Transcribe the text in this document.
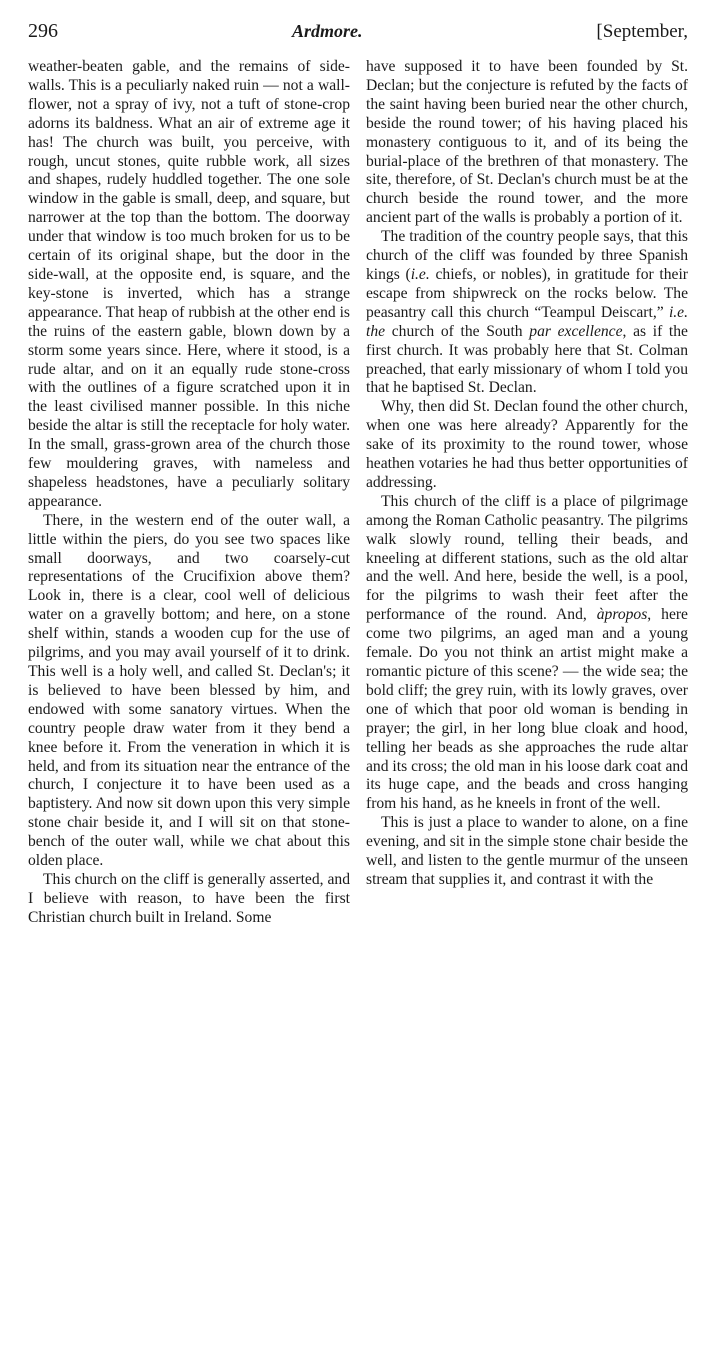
296	Ardmore.	[September,

weather-beaten gable, and the remains of side-walls. This is a peculiarly naked ruin — not a wall-flower, not a spray of ivy, not a tuft of stone-crop adorns its baldness. What an air of extreme age it has! The church was built, you perceive, with rough, uncut stones, quite rubble work, all sizes and shapes, rudely huddled together. The one sole window in the gable is small, deep, and square, but narrower at the top than the bottom. The doorway under that window is too much broken for us to be certain of its original shape, but the door in the side-wall, at the opposite end, is square, and the key-stone is inverted, which has a strange appearance. That heap of rubbish at the other end is the ruins of the eastern gable, blown down by a storm some years since. Here, where it stood, is a rude altar, and on it an equally rude stone-cross with the outlines of a figure scratched upon it in the least civilised manner possible. In this niche beside the altar is still the receptacle for holy water. In the small, grass-grown area of the church those few mouldering graves, with nameless and shapeless headstones, have a peculiarly solitary appearance.

There, in the western end of the outer wall, a little within the piers, do you see two spaces like small doorways, and two coarsely-cut representations of the Crucifixion above them? Look in, there is a clear, cool well of delicious water on a gravelly bottom; and here, on a stone shelf within, stands a wooden cup for the use of pilgrims, and you may avail yourself of it to drink. This well is a holy well, and called St. Declan's; it is believed to have been blessed by him, and endowed with some sanatory virtues. When the country people draw water from it they bend a knee before it. From the veneration in which it is held, and from its situation near the entrance of the church, I conjecture it to have been used as a baptistery. And now sit down upon this very simple stone chair beside it, and I will sit on that stone-bench of the outer wall, while we chat about this olden place.

This church on the cliff is generally asserted, and I believe with reason, to have been the first Christian church built in Ireland. Some

have supposed it to have been founded by St. Declan; but the conjecture is refuted by the facts of the saint having been buried near the other church, beside the round tower; of his having placed his monastery contiguous to it, and of its being the burial-place of the brethren of that monastery. The site, therefore, of St. Declan's church must be at the church beside the round tower, and the more ancient part of the walls is probably a portion of it.

The tradition of the country people says, that this church of the cliff was founded by three Spanish kings (i.e. chiefs, or nobles), in gratitude for their escape from shipwreck on the rocks below. The peasantry call this church “Teampul Deiscart,” i.e. the church of the South par excellence, as if the first church. It was probably here that St. Colman preached, that early missionary of whom I told you that he baptised St. Declan.

Why, then did St. Declan found the other church, when one was here already? Apparently for the sake of its proximity to the round tower, whose heathen votaries he had thus better opportunities of addressing.

This church of the cliff is a place of pilgrimage among the Roman Catholic peasantry. The pilgrims walk slowly round, telling their beads, and kneeling at different stations, such as the old altar and the well. And here, beside the well, is a pool, for the pilgrims to wash their feet after the performance of the round. And, àpropos, here come two pilgrims, an aged man and a young female. Do you not think an artist might make a romantic picture of this scene? — the wide sea; the bold cliff; the grey ruin, with its lowly graves, over one of which that poor old woman is bending in prayer; the girl, in her long blue cloak and hood, telling her beads as she approaches the rude altar and its cross; the old man in his loose dark coat and its huge cape, and the beads and cross hanging from his hand, as he kneels in front of the well.

This is just a place to wander to alone, on a fine evening, and sit in the simple stone chair beside the well, and listen to the gentle murmur of the unseen stream that supplies it, and contrast it with the
